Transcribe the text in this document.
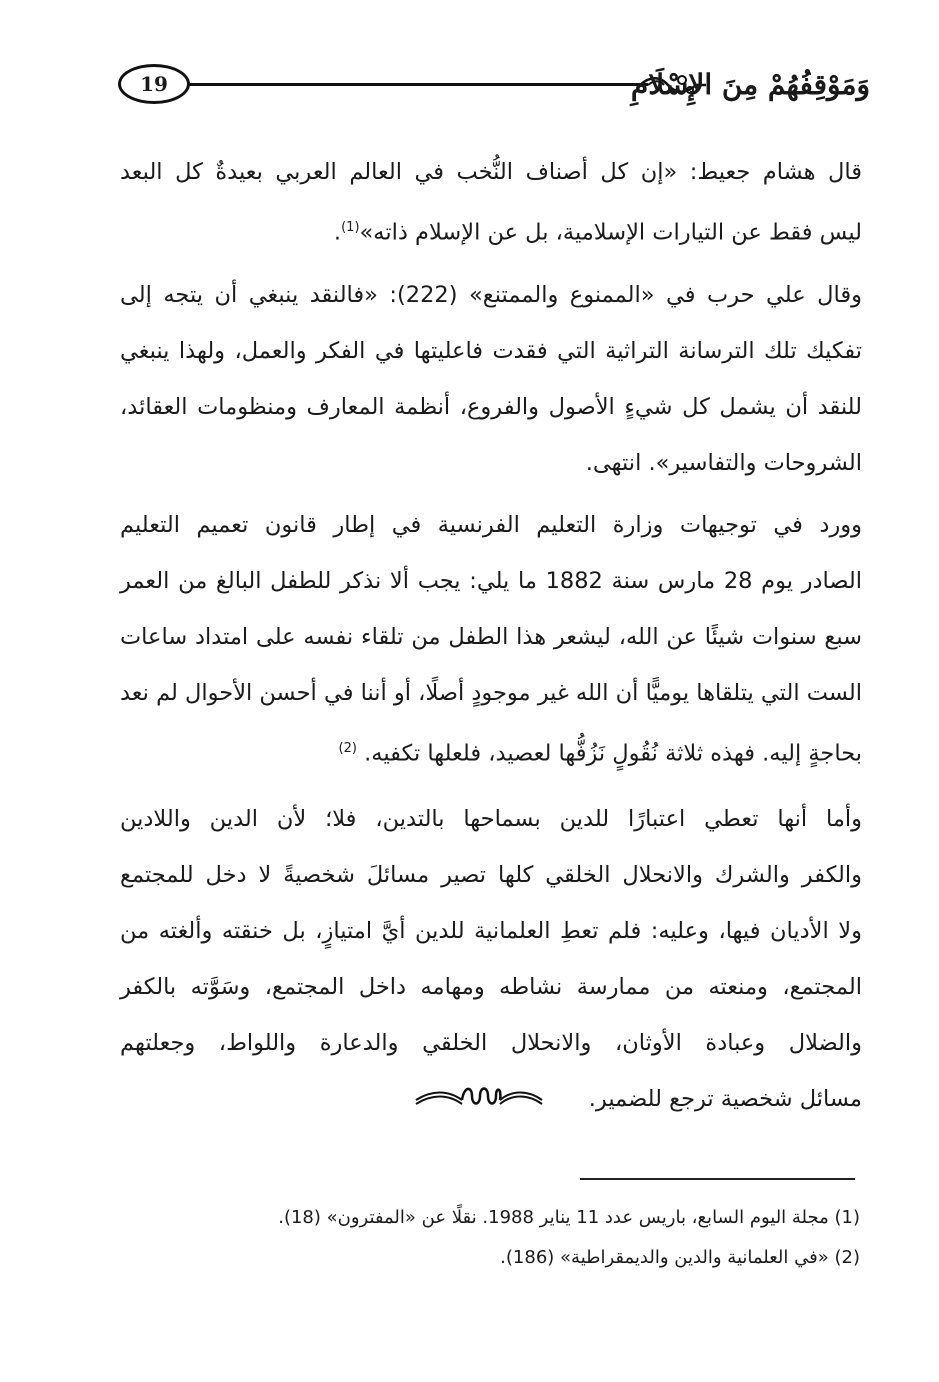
19	وَمَوْقِفُهُمْ مِنَ الإِسْلَامِ

قال هشام جعيط: «إن كل أصناف النُّخب في العالم العربي بعيدةٌ كل البعد
ليس فقط عن التيارات الإسلامية، بل عن الإسلام ذاته»$^{(1)}$.

وقال علي حرب في «الممنوع والممتنع» (222): «فالنقد ينبغي أن يتجه إلى
تفكيك تلك الترسانة التراثية التي فقدت فاعليتها في الفكر والعمل، ولهذا ينبغي
للنقد أن يشمل كل شيءٍ الأصول والفروع، أنظمة المعارف ومنظومات العقائد،
الشروحات والتفاسير». انتهى.

وورد في توجيهات وزارة التعليم الفرنسية في إطار قانون تعميم التعليم
الصادر يوم 28 مارس سنة 1882 ما يلي: يجب ألا نذكر للطفل البالغ من العمر
سبع سنوات شيئًا عن الله، ليشعر هذا الطفل من تلقاء نفسه على امتداد ساعات
الست التي يتلقاها يوميًّا أن الله غير موجودٍ أصلًا، أو أننا في أحسن الأحوال لم نعد
بحاجةٍ إليه. فهذه ثلاثة نُقُولٍ نَزُفُّها لعصيد، فلعلها تكفيه. $^{(2)}$

وأما أنها تعطي اعتبارًا للدين بسماحها بالتدين، فلا؛ لأن الدين واللادين
والكفر والشرك والانحلال الخلقي كلها تصير مسائلَ شخصيةً لا دخل للمجتمع
ولا الأديان فيها، وعليه: فلم تعطِ العلمانية للدين أيَّ امتيازٍ، بل خنقته وألغته من
المجتمع، ومنعته من ممارسة نشاطه ومهامه داخل المجتمع، وسَوَّته بالكفر
والضلال وعبادة الأوثان، والانحلال الخلقي والدعارة واللواط، وجعلتهم
مسائل شخصية ترجع للضمير.

(1) مجلة اليوم السابع، باريس عدد 11 يناير 1988. نقلًا عن «المفترون» (18).
(2) «في العلمانية والدين والديمقراطية» (186).
